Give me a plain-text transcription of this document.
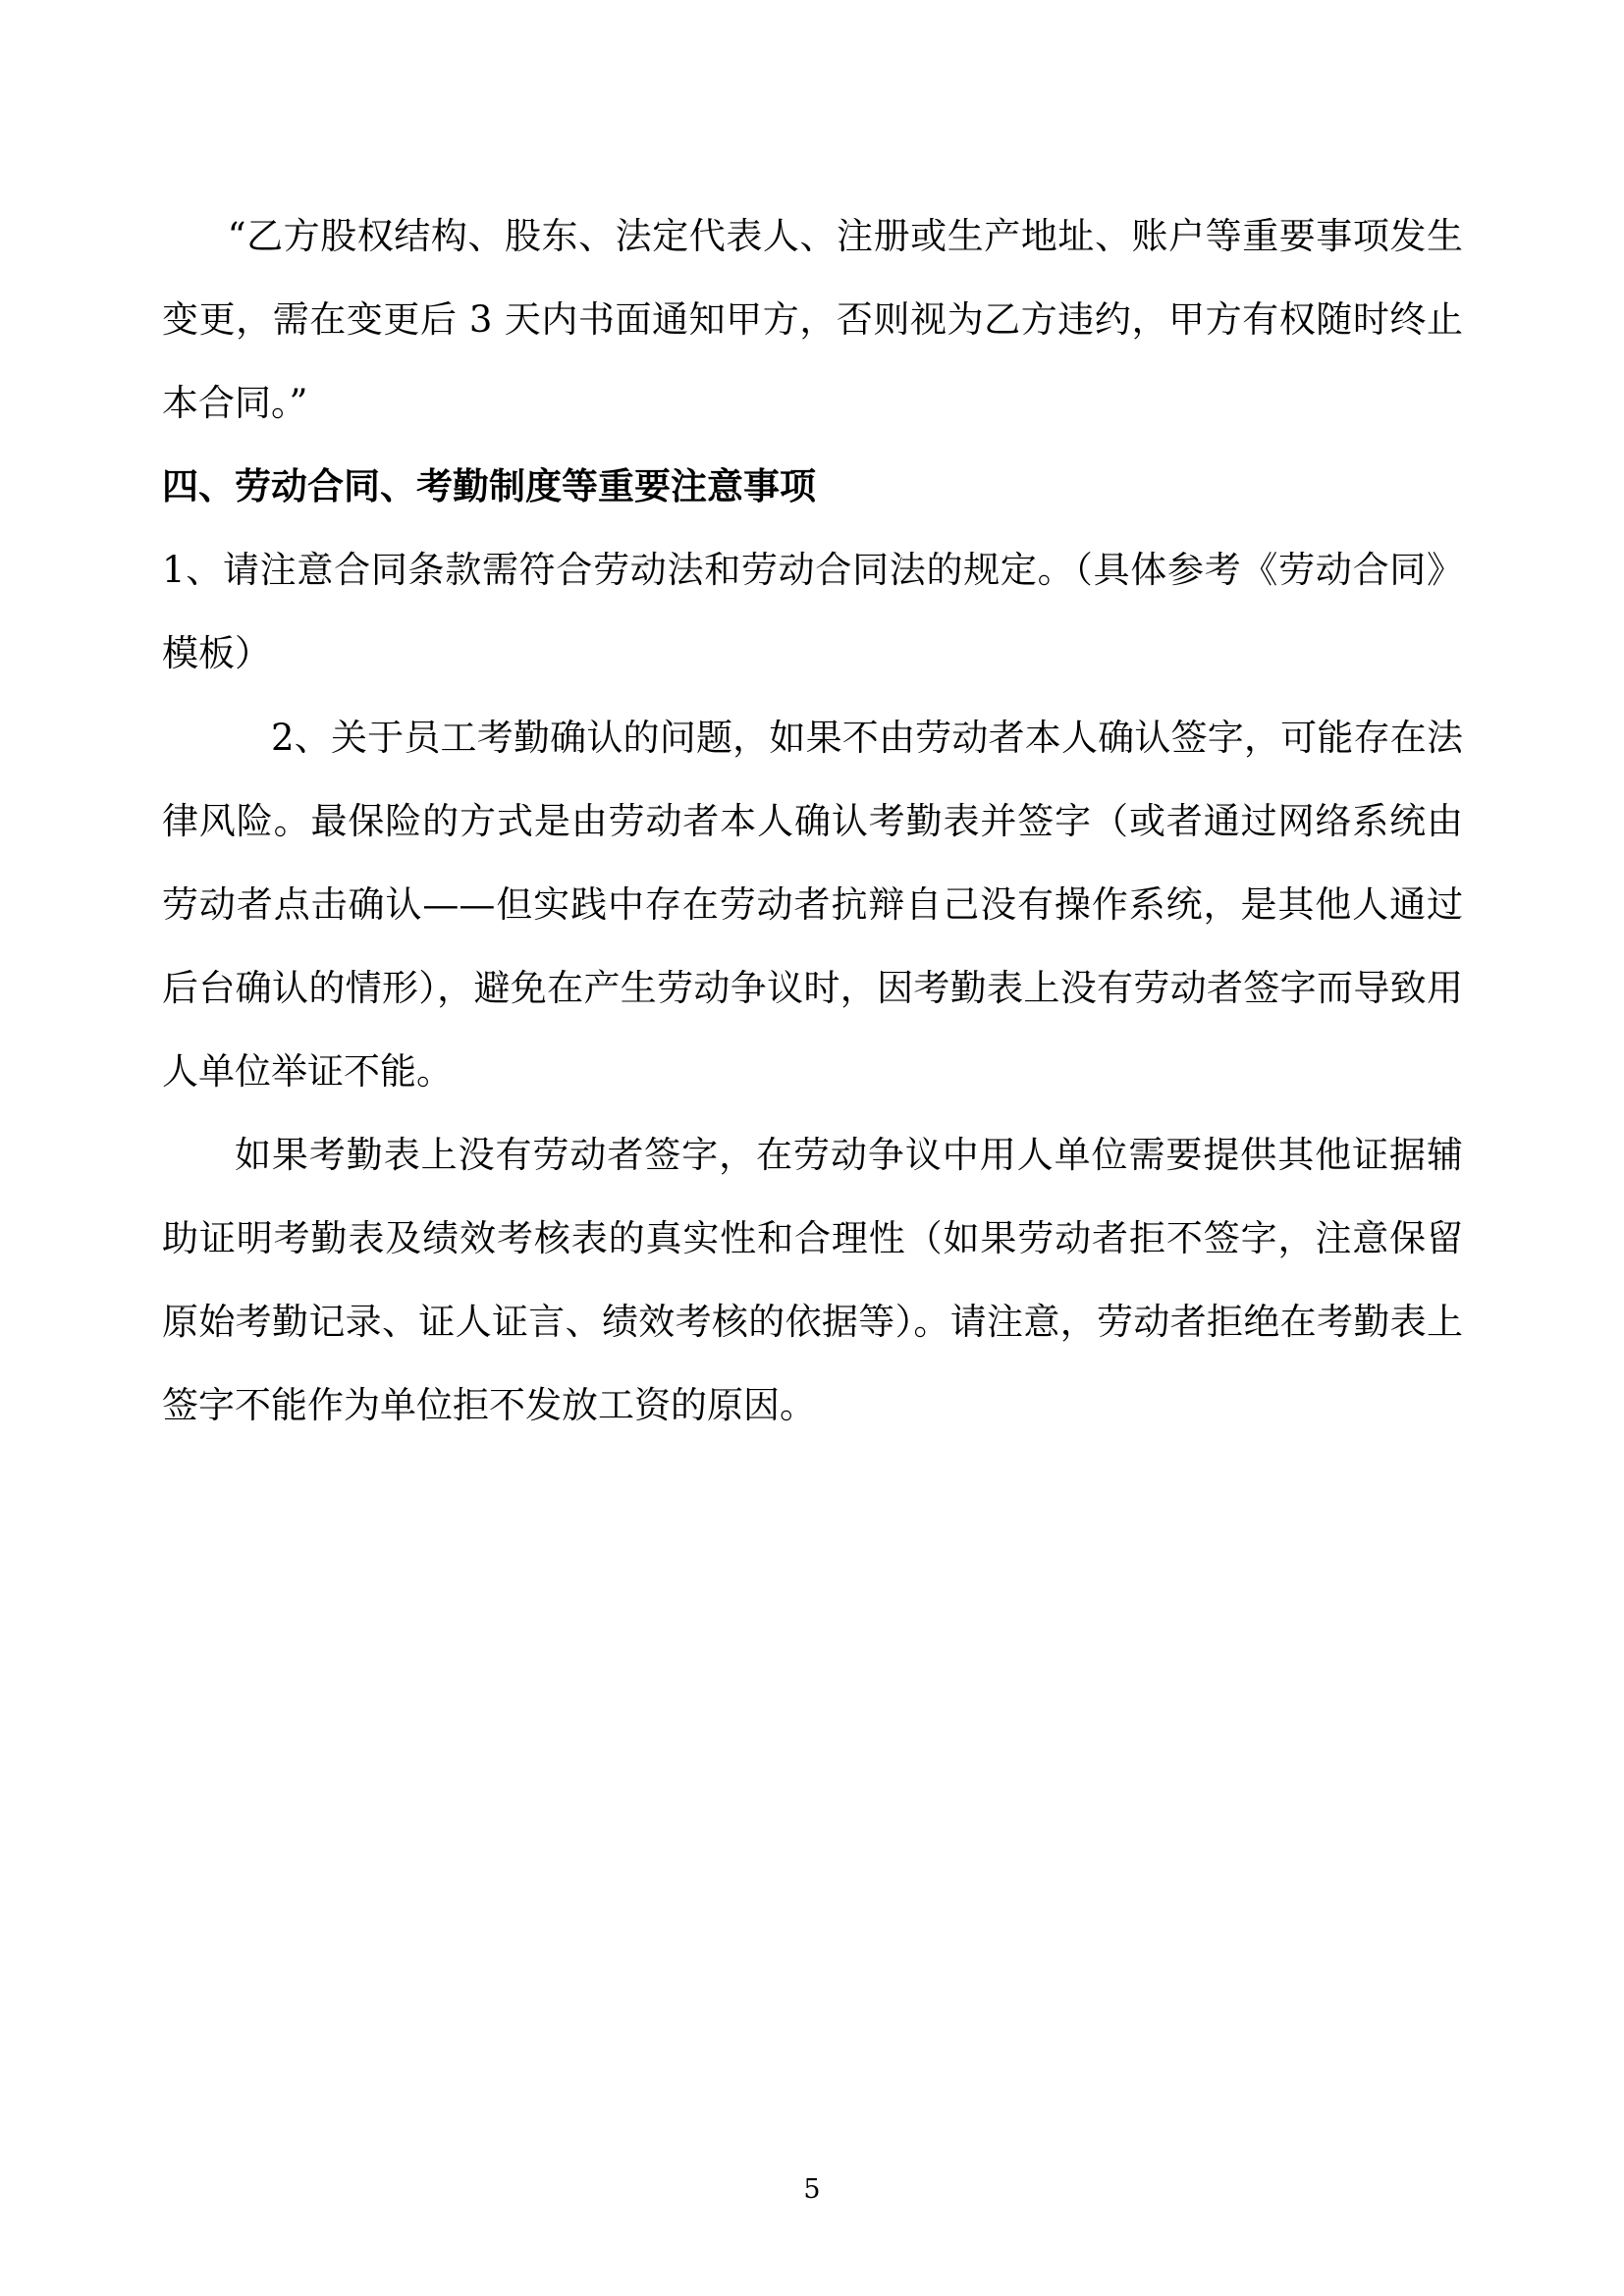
“乙方股权结构、股东、法定代表人、注册或生产地址、账户等重要事项发生变更，需在变更后 3 天内书面通知甲方，否则视为乙方违约，甲方有权随时终止本合同。”

四、劳动合同、考勤制度等重要注意事项

1、请注意合同条款需符合劳动法和劳动合同法的规定。（具体参考《劳动合同》模板）

2、关于员工考勤确认的问题，如果不由劳动者本人确认签字，可能存在法律风险。最保险的方式是由劳动者本人确认考勤表并签字（或者通过网络系统由劳动者点击确认——但实践中存在劳动者抗辩自己没有操作系统，是其他人通过后台确认的情形），避免在产生劳动争议时，因考勤表上没有劳动者签字而导致用人单位举证不能。

如果考勤表上没有劳动者签字，在劳动争议中用人单位需要提供其他证据辅助证明考勤表及绩效考核表的真实性和合理性（如果劳动者拒不签字，注意保留原始考勤记录、证人证言、绩效考核的依据等）。请注意，劳动者拒绝在考勤表上签字不能作为单位拒不发放工资的原因。

5
